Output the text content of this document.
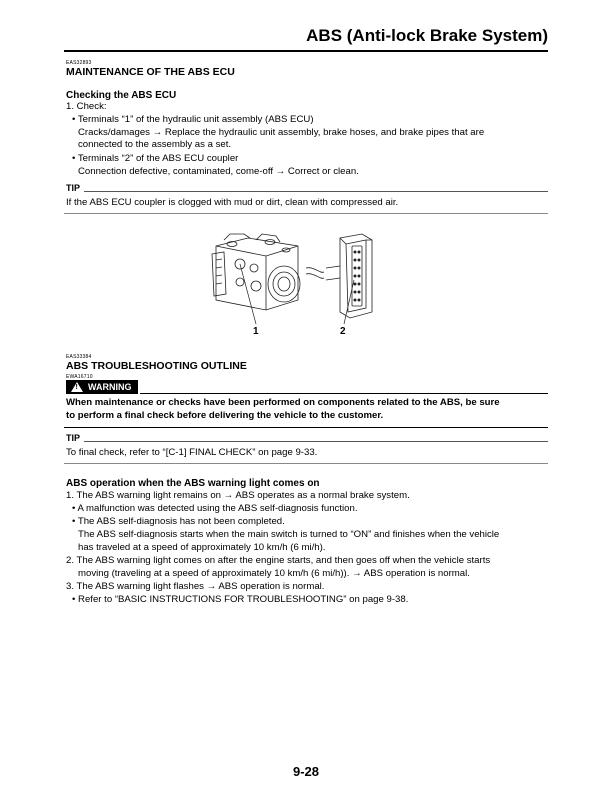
ABS (Anti-lock Brake System)
EAS32893
MAINTENANCE OF THE ABS ECU
Checking the ABS ECU
1. Check:
• Terminals “1” of the hydraulic unit assembly (ABS ECU)
Cracks/damages → Replace the hydraulic unit assembly, brake hoses, and brake pipes that are
connected to the assembly as a set.
• Terminals “2” of the ABS ECU coupler
Connection defective, contaminated, come-off → Correct or clean.
TIP
If the ABS ECU coupler is clogged with mud or dirt, clean with compressed air.
1	2
EAS33384
ABS TROUBLESHOOTING OUTLINE
EWA16710
! WARNING
When maintenance or checks have been performed on components related to the ABS, be sure
to perform a final check before delivering the vehicle to the customer.
TIP
To final check, refer to “[C-1] FINAL CHECK” on page 9-33.
ABS operation when the ABS warning light comes on
1. The ABS warning light remains on → ABS operates as a normal brake system.
• A malfunction was detected using the ABS self-diagnosis function.
• The ABS self-diagnosis has not been completed.
The ABS self-diagnosis starts when the main switch is turned to “ON” and finishes when the vehicle
has traveled at a speed of approximately 10 km/h (6 mi/h).
2. The ABS warning light comes on after the engine starts, and then goes off when the vehicle starts
moving (traveling at a speed of approximately 10 km/h (6 mi/h)). → ABS operation is normal.
3. The ABS warning light flashes → ABS operation is normal.
• Refer to “BASIC INSTRUCTIONS FOR TROUBLESHOOTING” on page 9-38.
9-28
